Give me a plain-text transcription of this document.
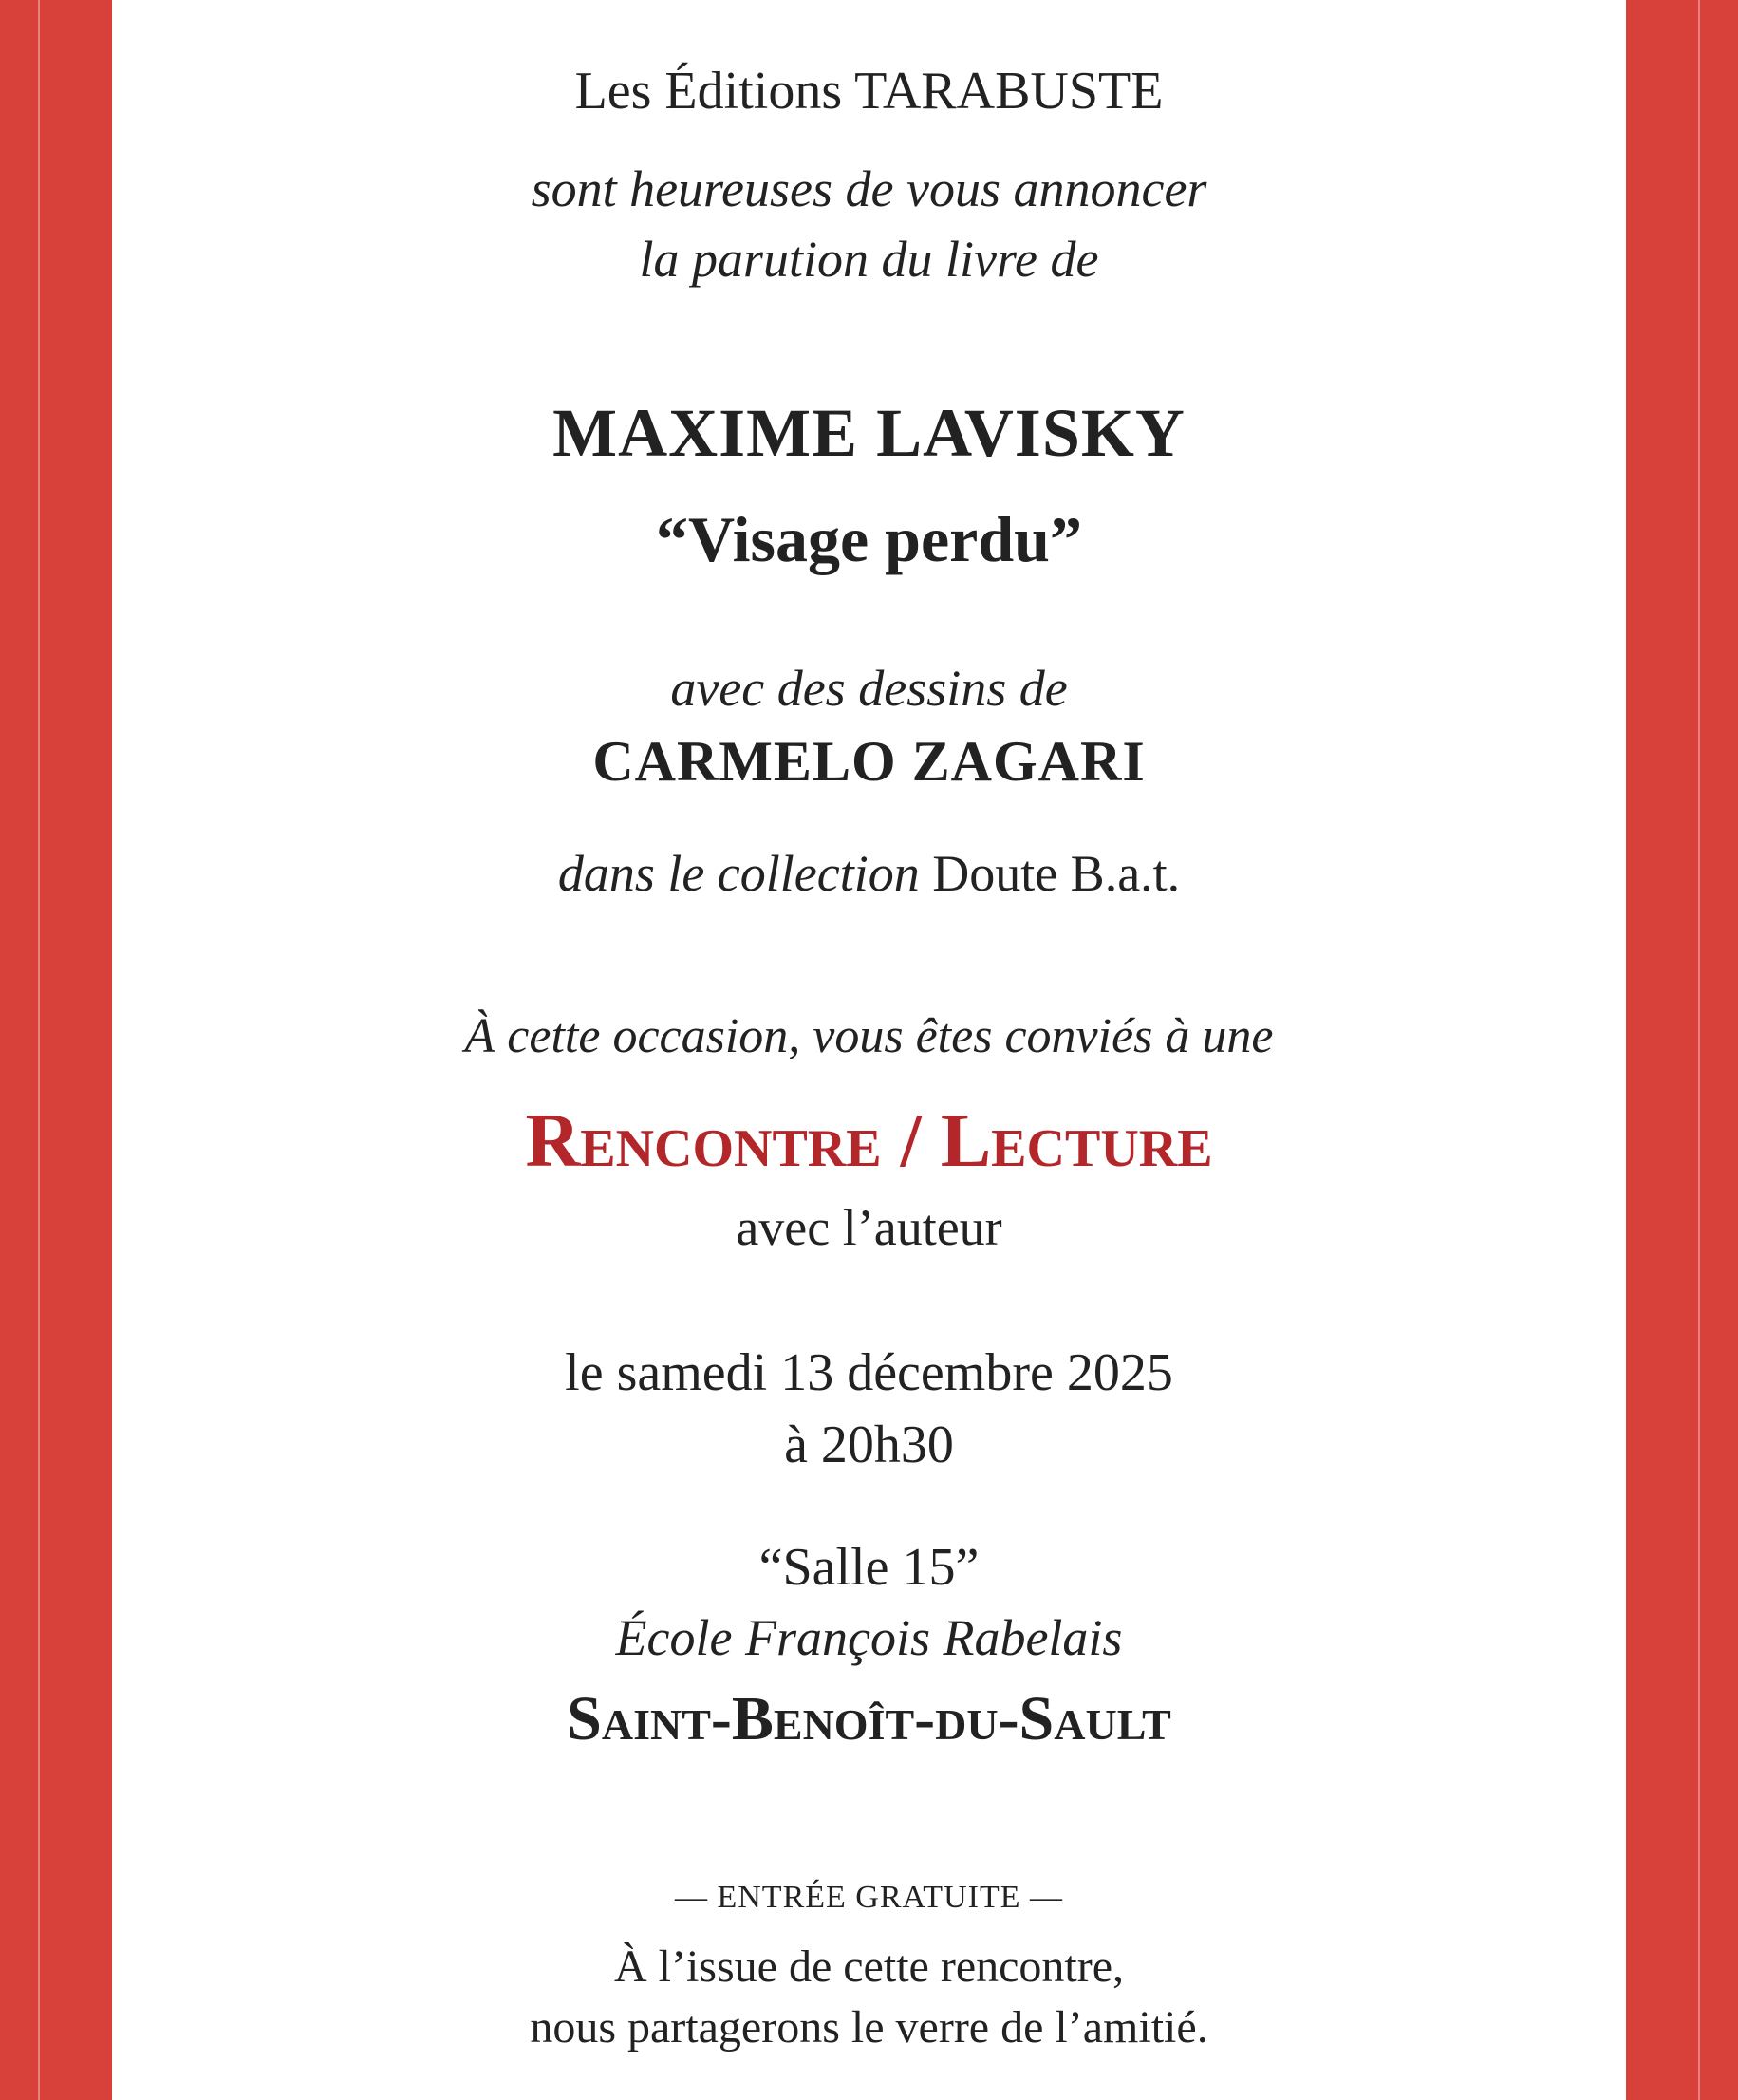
Les Éditions TARABUSTE
sont heureuses de vous annoncer
la parution du livre de
MAXIME LAVISKY
“Visage perdu”
avec des dessins de
CARMELO ZAGARI
dans le collection Doute B.a.t.
À cette occasion, vous êtes conviés à une
Rencontre / Lecture
avec l’auteur
le samedi 13 décembre 2025
à 20h30
“Salle 15”
École François Rabelais
Saint-Benoît-du-Sault
— ENTRÉE GRATUITE —
À l’issue de cette rencontre,
nous partagerons le verre de l’amitié.
